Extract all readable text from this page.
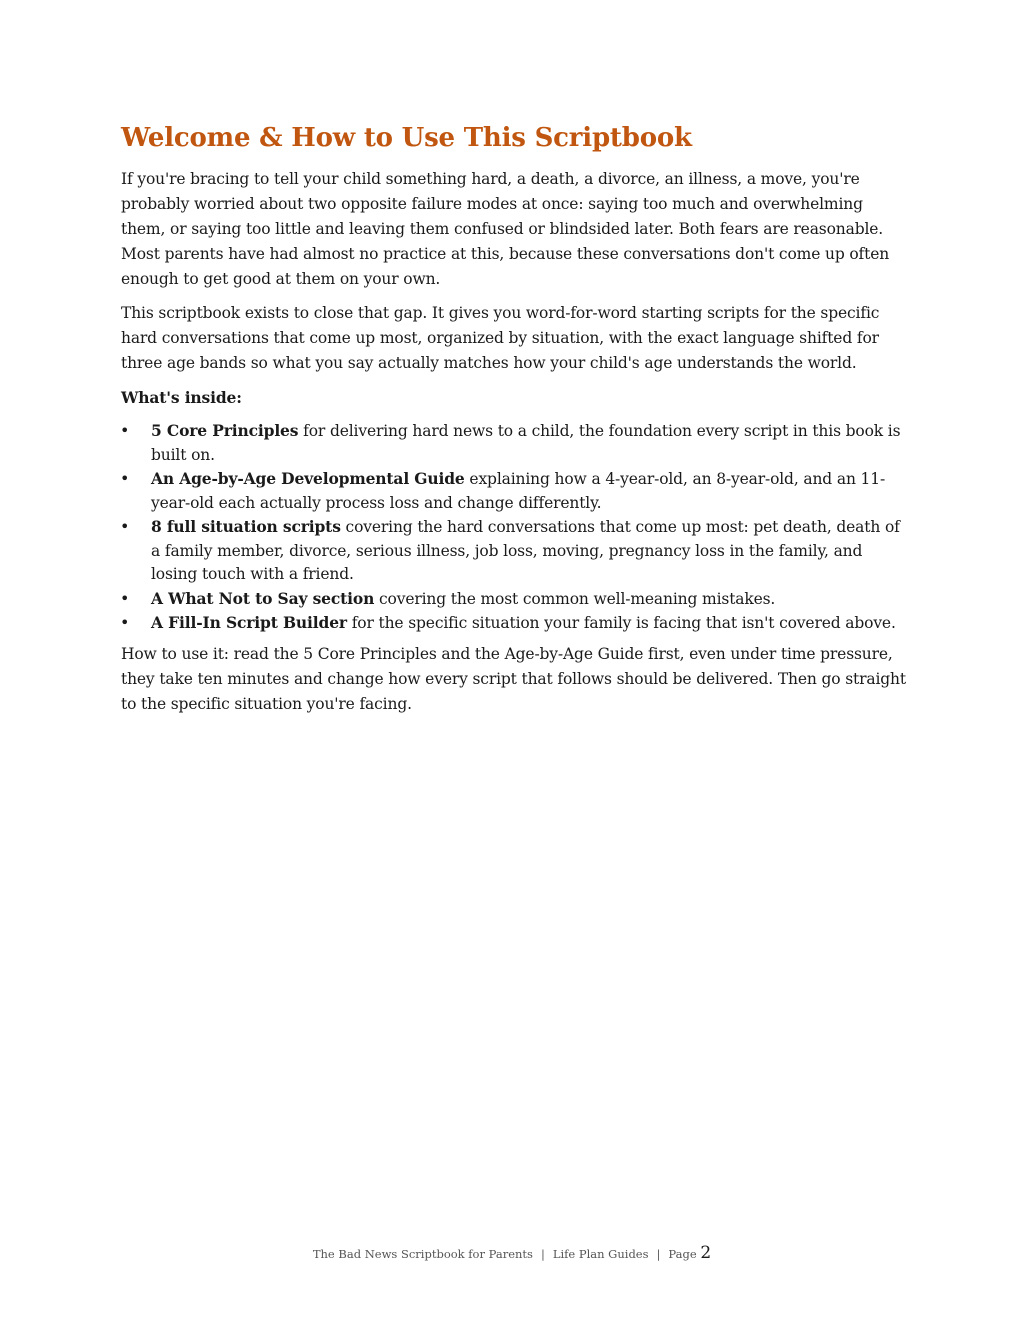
Welcome & How to Use This Scriptbook

If you're bracing to tell your child something hard, a death, a divorce, an illness, a move, you're probably worried about two opposite failure modes at once: saying too much and overwhelming them, or saying too little and leaving them confused or blindsided later. Both fears are reasonable. Most parents have had almost no practice at this, because these conversations don't come up often enough to get good at them on your own.

This scriptbook exists to close that gap. It gives you word-for-word starting scripts for the specific hard conversations that come up most, organized by situation, with the exact language shifted for three age bands so what you say actually matches how your child's age understands the world.

What's inside:

• 5 Core Principles for delivering hard news to a child, the foundation every script in this book is built on.
• An Age-by-Age Developmental Guide explaining how a 4-year-old, an 8-year-old, and an 11-year-old each actually process loss and change differently.
• 8 full situation scripts covering the hard conversations that come up most: pet death, death of a family member, divorce, serious illness, job loss, moving, pregnancy loss in the family, and losing touch with a friend.
• A What Not to Say section covering the most common well-meaning mistakes.
• A Fill-In Script Builder for the specific situation your family is facing that isn't covered above.

How to use it: read the 5 Core Principles and the Age-by-Age Guide first, even under time pressure, they take ten minutes and change how every script that follows should be delivered. Then go straight to the specific situation you're facing.

The Bad News Scriptbook for Parents | Life Plan Guides | Page 2
